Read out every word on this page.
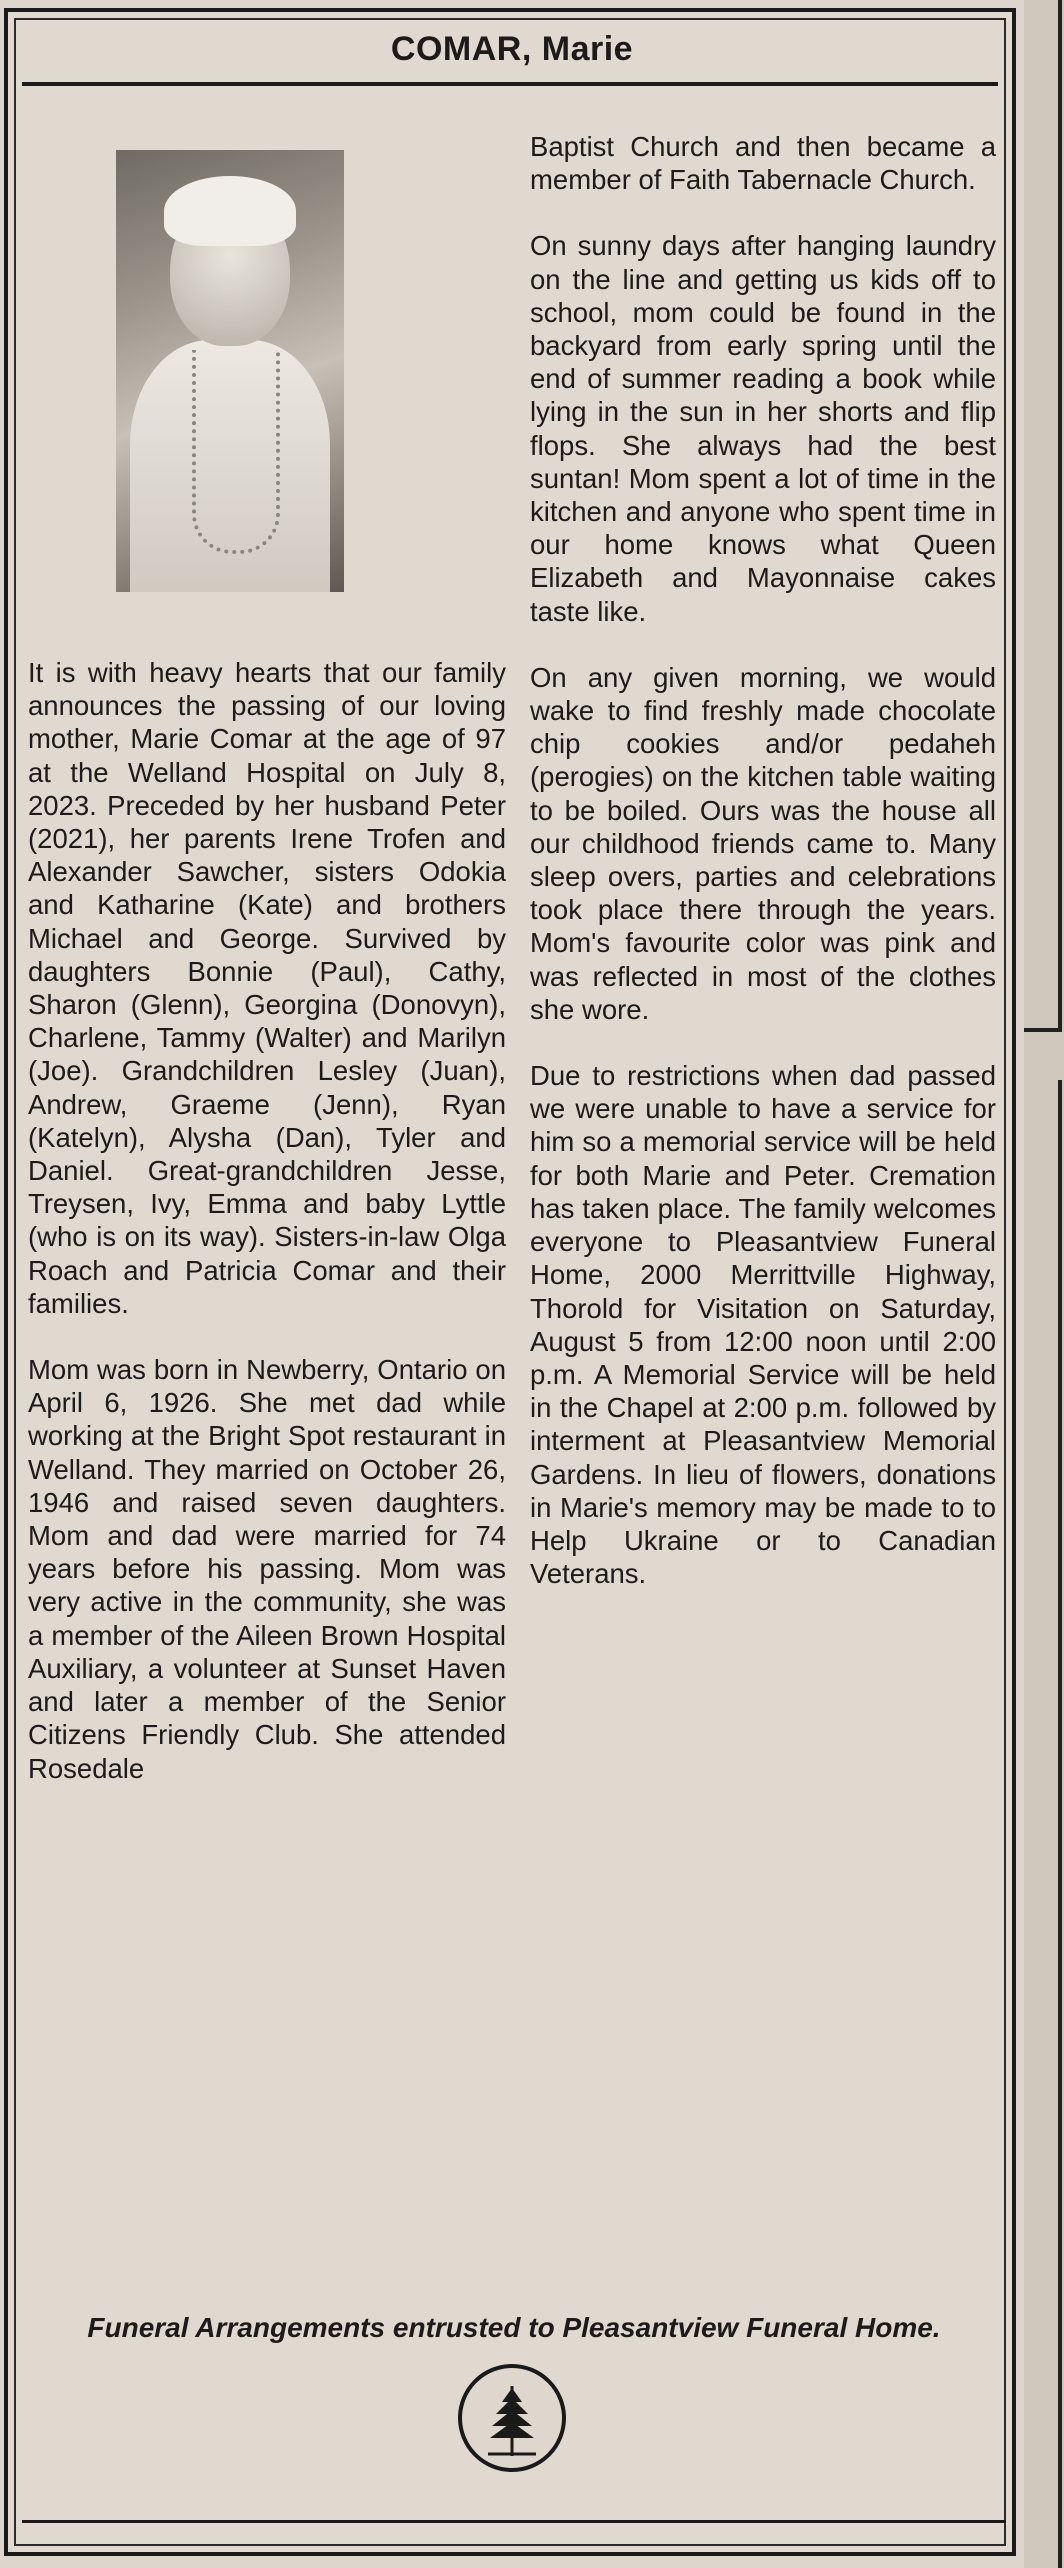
COMAR, Marie

It is with heavy hearts that our family announces the passing of our loving mother, Marie Comar at the age of 97 at the Welland Hospital on July 8, 2023. Preceded by her husband Peter (2021), her parents Irene Trofen and Alexander Sawcher, sisters Odokia and Katharine (Kate) and brothers Michael and George. Survived by daughters Bonnie (Paul), Cathy, Sharon (Glenn), Georgina (Donovyn), Charlene, Tammy (Walter) and Marilyn (Joe). Grandchildren Lesley (Juan), Andrew, Graeme (Jenn), Ryan (Katelyn), Alysha (Dan), Tyler and Daniel. Great-grandchildren Jesse, Treysen, Ivy, Emma and baby Lyttle (who is on its way). Sisters-in-law Olga Roach and Patricia Comar and their families.

Mom was born in Newberry, Ontario on April 6, 1926. She met dad while working at the Bright Spot restaurant in Welland. They married on October 26, 1946 and raised seven daughters. Mom and dad were married for 74 years before his passing. Mom was very active in the community, she was a member of the Aileen Brown Hospital Auxiliary, a volunteer at Sunset Haven and later a member of the Senior Citizens Friendly Club. She attended Rosedale

Baptist Church and then became a member of Faith Tabernacle Church.

On sunny days after hanging laundry on the line and getting us kids off to school, mom could be found in the backyard from early spring until the end of summer reading a book while lying in the sun in her shorts and flip flops. She always had the best suntan! Mom spent a lot of time in the kitchen and anyone who spent time in our home knows what Queen Elizabeth and Mayonnaise cakes taste like.

On any given morning, we would wake to find freshly made chocolate chip cookies and/or pedaheh (perogies) on the kitchen table waiting to be boiled. Ours was the house all our childhood friends came to. Many sleep overs, parties and celebrations took place there through the years. Mom's favourite color was pink and was reflected in most of the clothes she wore.

Due to restrictions when dad passed we were unable to have a service for him so a memorial service will be held for both Marie and Peter. Cremation has taken place. The family welcomes everyone to Pleasantview Funeral Home, 2000 Merrittville Highway, Thorold for Visitation on Saturday, August 5 from 12:00 noon until 2:00 p.m. A Memorial Service will be held in the Chapel at 2:00 p.m. followed by interment at Pleasantview Memorial Gardens. In lieu of flowers, donations in Marie's memory may be made to to Help Ukraine or to Canadian Veterans.

Funeral Arrangements entrusted to Pleasantview Funeral Home.
